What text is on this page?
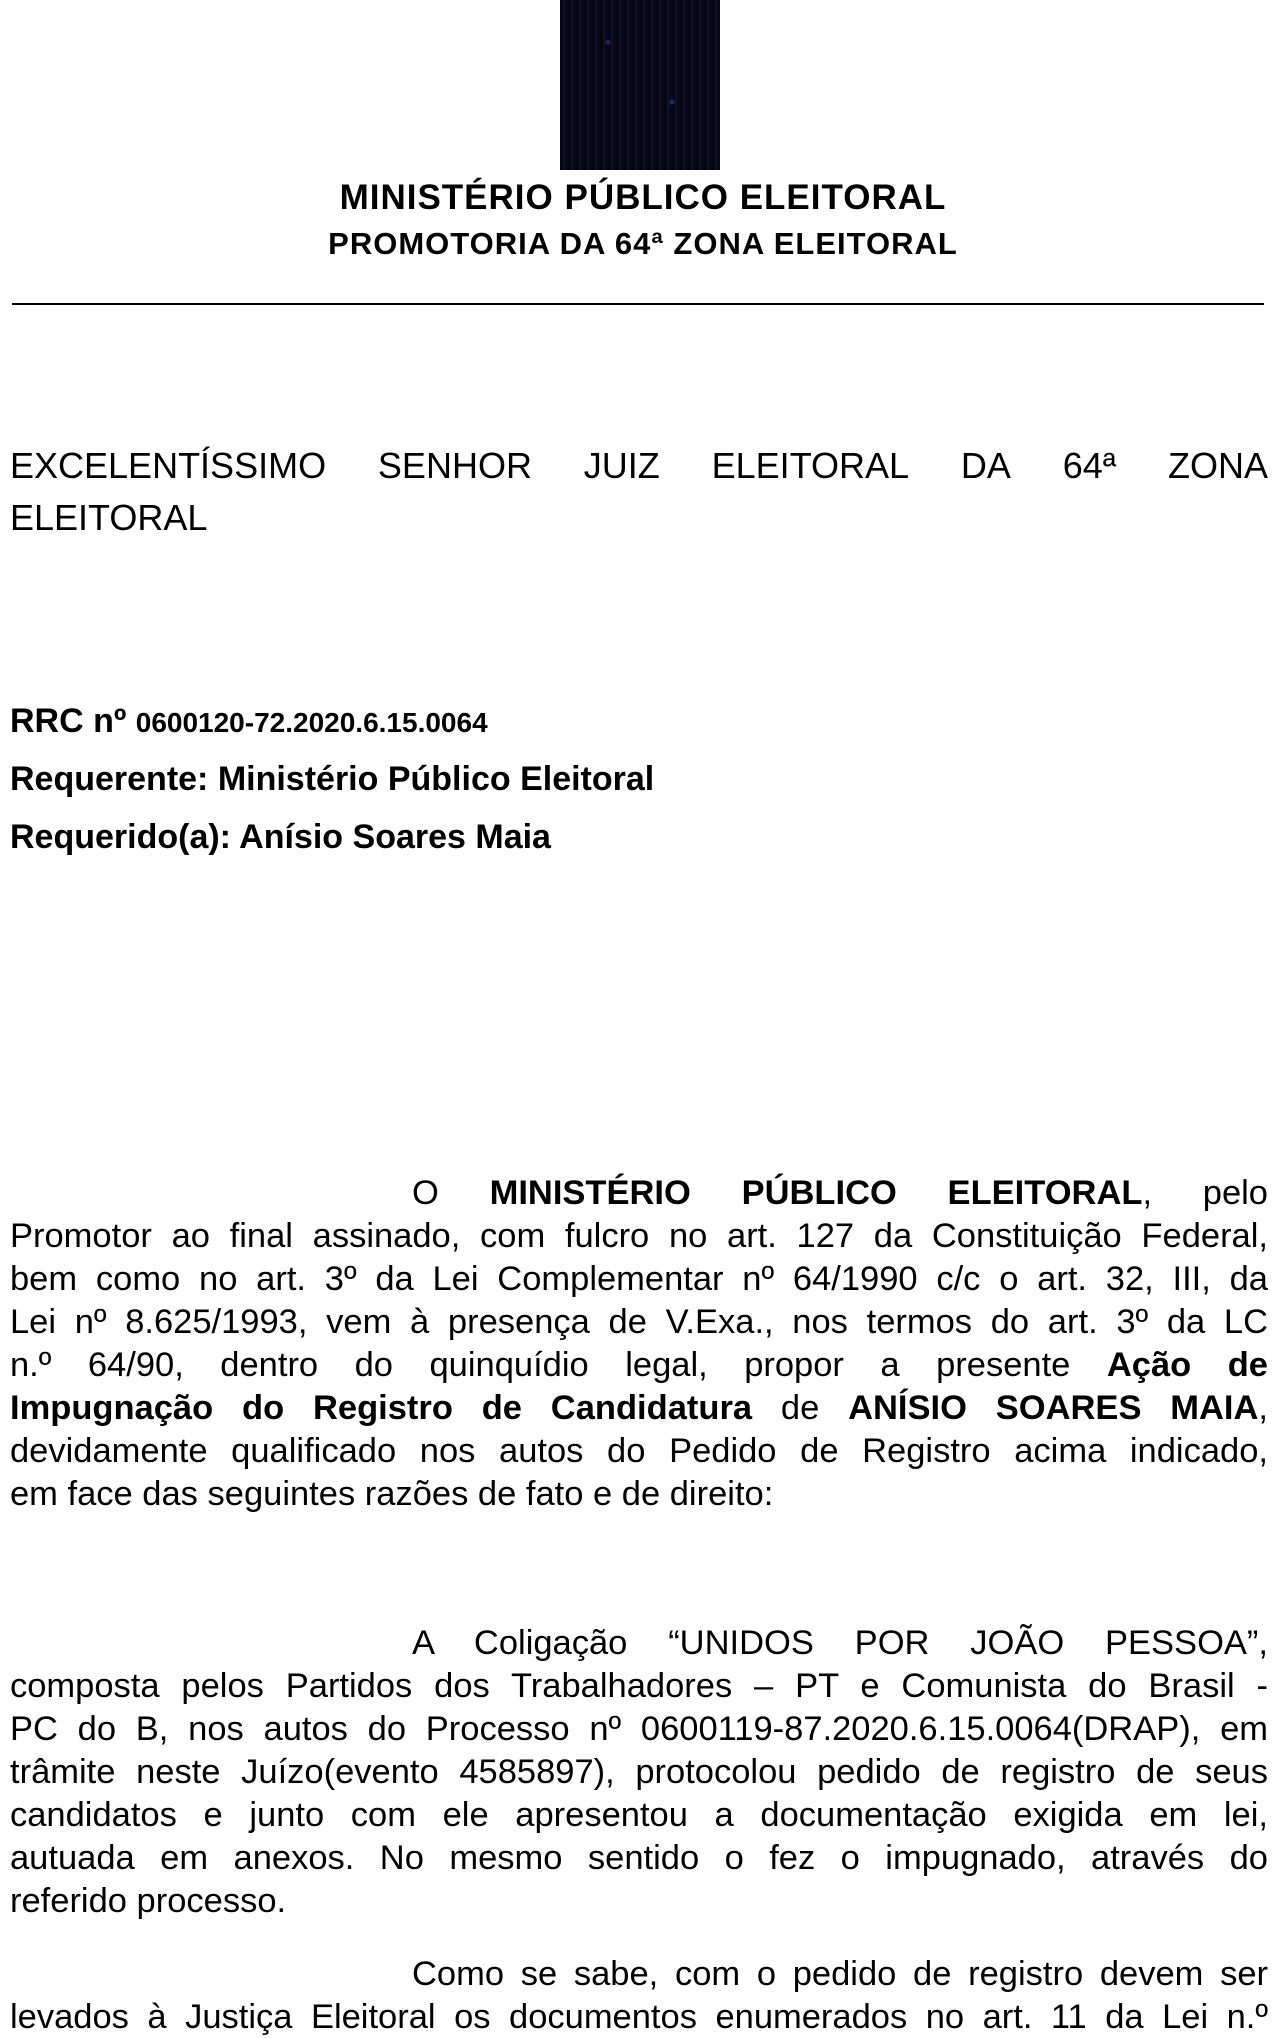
MINISTÉRIO PÚBLICO ELEITORAL
PROMOTORIA DA 64ª ZONA ELEITORAL
EXCELENTÍSSIMO SENHOR JUIZ ELEITORAL DA 64ª ZONA
ELEITORAL
RRC nº 0600120-72.2020.6.15.0064
Requerente: Ministério Público Eleitoral
Requerido(a): Anísio Soares Maia

O MINISTÉRIO PÚBLICO ELEITORAL, pelo

Promotor ao final assinado, com fulcro no art. 127 da Constituição Federal,

bem como no art. 3º da Lei Complementar nº 64/1990 c/c o art. 32, III, da

Lei nº 8.625/1993, vem à presença de V.Exa., nos termos do art. 3º da LC

n.º 64/90, dentro do quinquídio legal, propor a presente Ação de

Impugnação do Registro de Candidatura de ANÍSIO SOARES MAIA,

devidamente qualificado nos autos do Pedido de Registro acima indicado,

em face das seguintes razões de fato e de direito:

A Coligação “UNIDOS POR JOÃO PESSOA”,

composta pelos Partidos dos Trabalhadores – PT e Comunista do Brasil -

PC do B, nos autos do Processo nº 0600119-87.2020.6.15.0064(DRAP), em

trâmite neste Juízo(evento 4585897), protocolou pedido de registro de seus

candidatos e junto com ele apresentou a documentação exigida em lei,

autuada em anexos. No mesmo sentido o fez o impugnado, através do

referido processo.

Como se sabe, com o pedido de registro devem ser

levados à Justiça Eleitoral os documentos enumerados no art. 11 da Lei n.º
